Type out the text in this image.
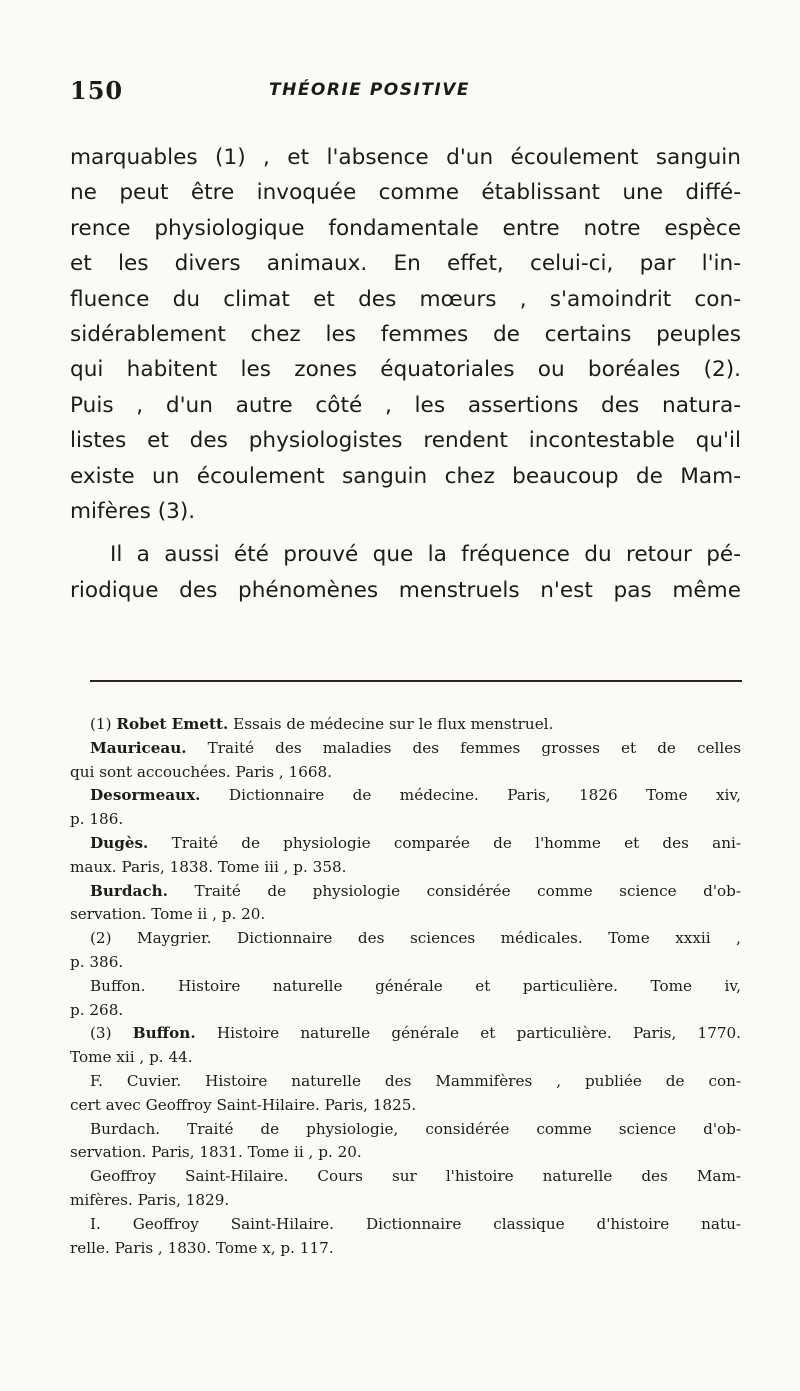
150	THÉORIE POSITIVE
marquables (1) , et l'absence d'un écoulement sanguin
ne peut être invoquée comme établissant une diffé-
rence physiologique fondamentale entre notre espèce
et les divers animaux. En effet, celui-ci, par l'in-
fluence du climat et des mœurs , s'amoindrit con-
sidérablement chez les femmes de certains peuples
qui habitent les zones équatoriales ou boréales (2).
Puis , d'un autre côté , les assertions des natura-
listes et des physiologistes rendent incontestable qu'il
existe un écoulement sanguin chez beaucoup de Mam-
mifères (3).
Il a aussi été prouvé que la fréquence du retour pé-
riodique des phénomènes menstruels n'est pas même
(1) Robet Emett. Essais de médecine sur le flux menstruel.
Mauriceau. Traité des maladies des femmes grosses et de celles
qui sont accouchées. Paris , 1668.
Desormeaux. Dictionnaire de médecine. Paris, 1826 Tome xiv,
p. 186.
Dugès. Traité de physiologie comparée de l'homme et des ani-
maux. Paris, 1838. Tome iii , p. 358.
Burdach. Traité de physiologie considérée comme science d'ob-
servation. Tome ii , p. 20.
(2) Maygrier. Dictionnaire des sciences médicales. Tome xxxii ,
p. 386.
Buffon. Histoire naturelle générale et particulière. Tome iv,
p. 268.
(3) Buffon. Histoire naturelle générale et particulière. Paris, 1770.
Tome xii , p. 44.
F. Cuvier. Histoire naturelle des Mammifères , publiée de con-
cert avec Geoffroy Saint-Hilaire. Paris, 1825.
Burdach. Traité de physiologie, considérée comme science d'ob-
servation. Paris, 1831. Tome ii , p. 20.
Geoffroy Saint-Hilaire. Cours sur l'histoire naturelle des Mam-
mifères. Paris, 1829.
I. Geoffroy Saint-Hilaire. Dictionnaire classique d'histoire natu-
relle. Paris , 1830. Tome x, p. 117.
